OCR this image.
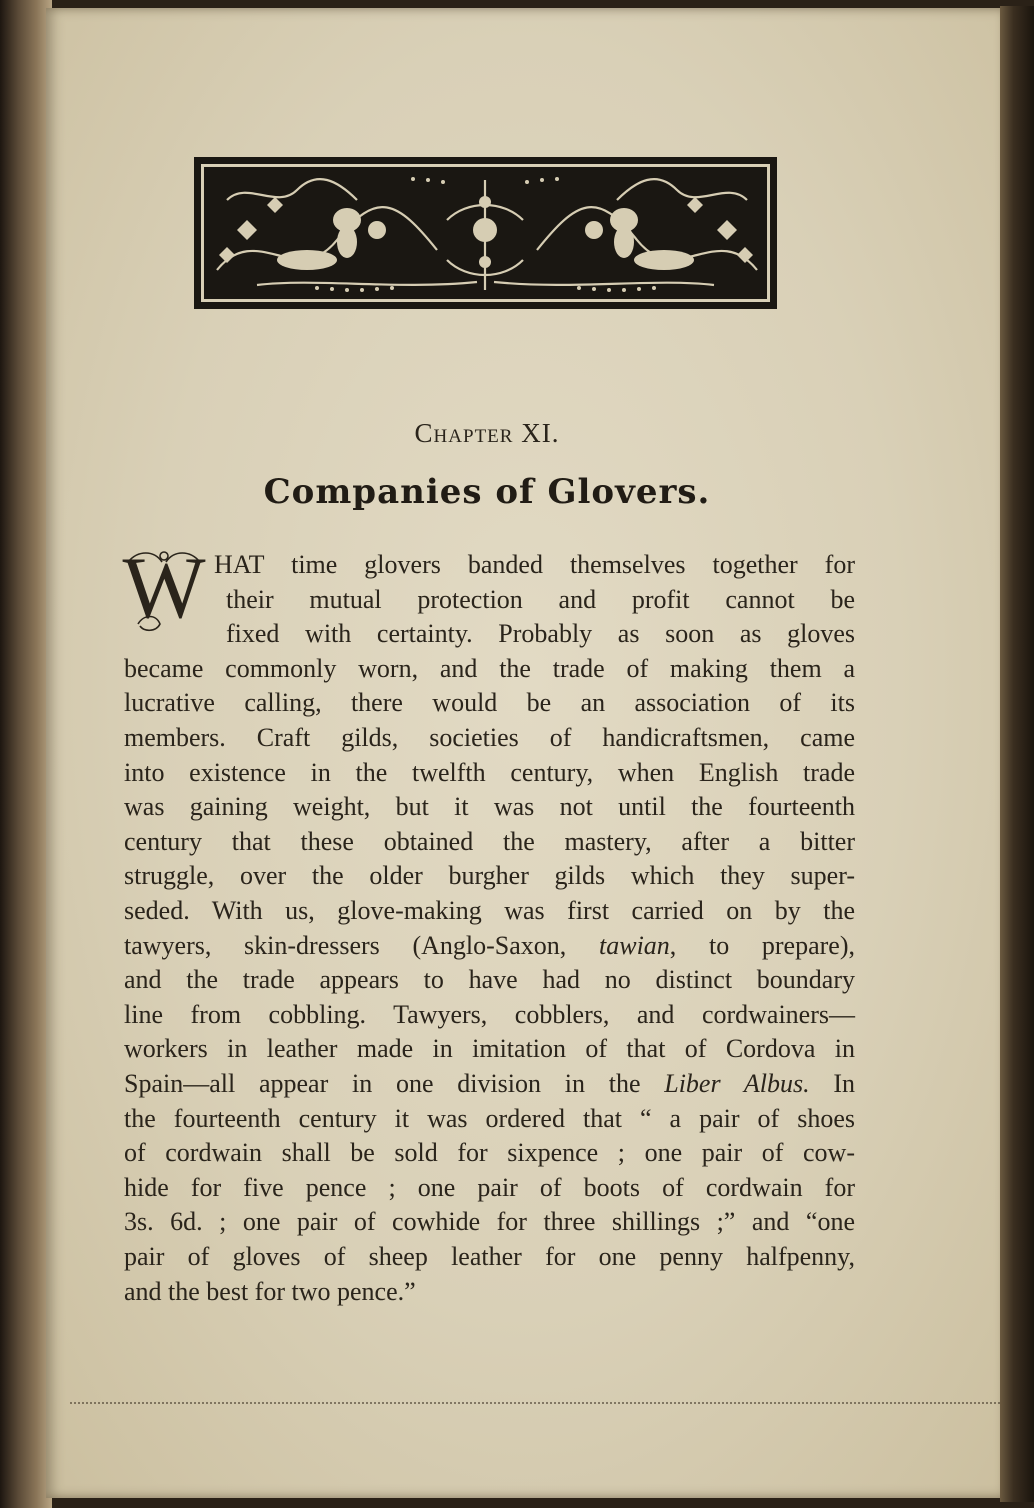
Chapter XI.
Companies of Glovers.
W HAT time glovers banded themselves together for
their mutual protection and profit cannot be
fixed with certainty. Probably as soon as gloves
became commonly worn, and the trade of making them a
lucrative calling, there would be an association of its
members. Craft gilds, societies of handicraftsmen, came
into existence in the twelfth century, when English trade
was gaining weight, but it was not until the fourteenth
century that these obtained the mastery, after a bitter
struggle, over the older burgher gilds which they super-
seded. With us, glove-making was first carried on by the
tawyers, skin-dressers (Anglo-Saxon, tawian, to prepare),
and the trade appears to have had no distinct boundary
line from cobbling. Tawyers, cobblers, and cordwainers—
workers in leather made in imitation of that of Cordova in
Spain—all appear in one division in the Liber Albus. In
the fourteenth century it was ordered that “ a pair of shoes
of cordwain shall be sold for sixpence ; one pair of cow-
hide for five pence ; one pair of boots of cordwain for
3s. 6d. ; one pair of cowhide for three shillings ;” and “one
pair of gloves of sheep leather for one penny halfpenny,
and the best for two pence.”
